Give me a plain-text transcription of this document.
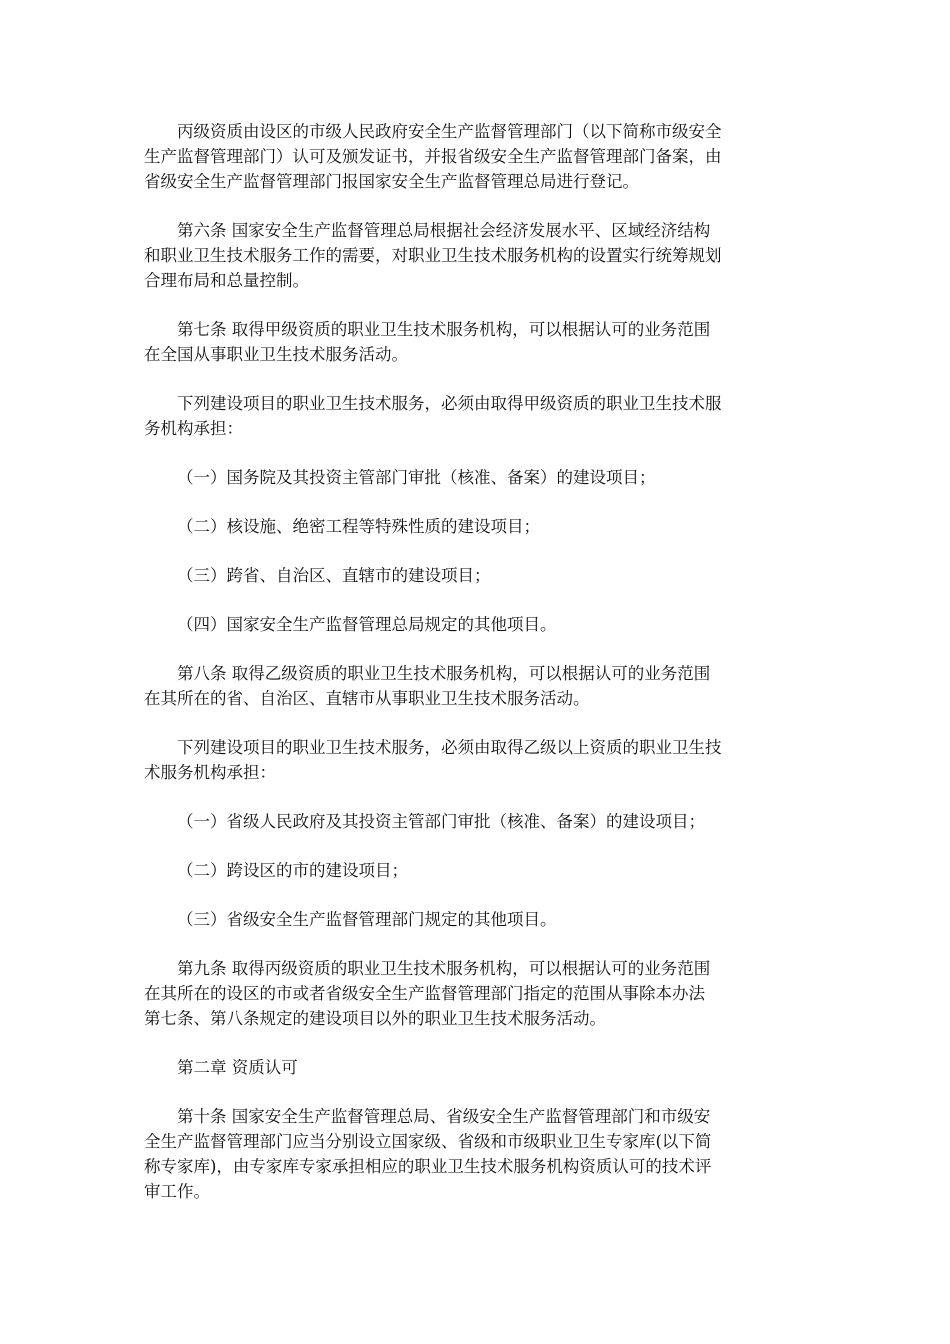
丙级资质由设区的市级人民政府安全生产监督管理部门（以下简称市级安全
生产监督管理部门）认可及颁发证书，并报省级安全生产监督管理部门备案，由
省级安全生产监督管理部门报国家安全生产监督管理总局进行登记。
第六条 国家安全生产监督管理总局根据社会经济发展水平、区域经济结构
和职业卫生技术服务工作的需要，对职业卫生技术服务机构的设置实行统筹规划
合理布局和总量控制。
第七条 取得甲级资质的职业卫生技术服务机构，可以根据认可的业务范围
在全国从事职业卫生技术服务活动。
下列建设项目的职业卫生技术服务，必须由取得甲级资质的职业卫生技术服
务机构承担：
（一）国务院及其投资主管部门审批（核准、备案）的建设项目；
（二）核设施、绝密工程等特殊性质的建设项目；
（三）跨省、自治区、直辖市的建设项目；
（四）国家安全生产监督管理总局规定的其他项目。
第八条 取得乙级资质的职业卫生技术服务机构，可以根据认可的业务范围
在其所在的省、自治区、直辖市从事职业卫生技术服务活动。
下列建设项目的职业卫生技术服务，必须由取得乙级以上资质的职业卫生技
术服务机构承担：
（一）省级人民政府及其投资主管部门审批（核准、备案）的建设项目；
（二）跨设区的市的建设项目；
（三）省级安全生产监督管理部门规定的其他项目。
第九条 取得丙级资质的职业卫生技术服务机构，可以根据认可的业务范围
在其所在的设区的市或者省级安全生产监督管理部门指定的范围从事除本办法
第七条、第八条规定的建设项目以外的职业卫生技术服务活动。
第二章 资质认可
第十条 国家安全生产监督管理总局、省级安全生产监督管理部门和市级安
全生产监督管理部门应当分别设立国家级、省级和市级职业卫生专家库(以下简
称专家库)，由专家库专家承担相应的职业卫生技术服务机构资质认可的技术评
审工作。
